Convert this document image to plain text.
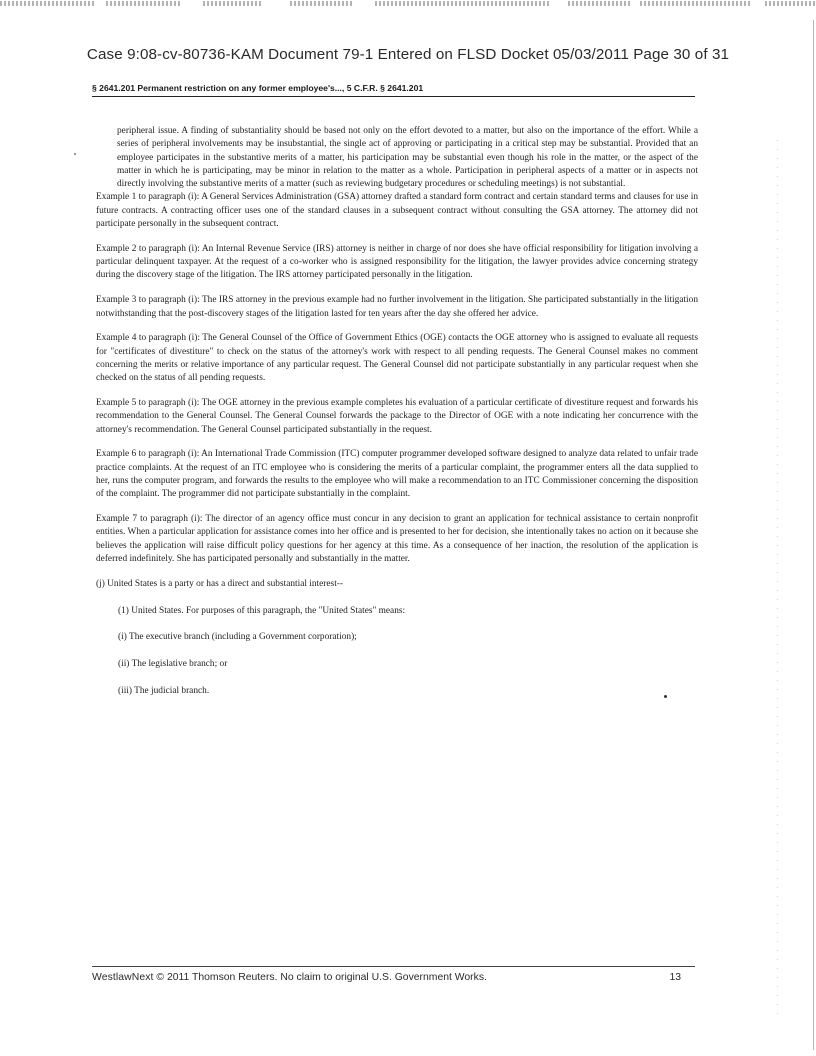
Case 9:08-cv-80736-KAM Document 79-1 Entered on FLSD Docket 05/03/2011 Page 30 of 31
§ 2641.201 Permanent restriction on any former employee's..., 5 C.F.R. § 2641.201

peripheral issue. A finding of substantiality should be based not only on the effort devoted to a matter, but also on the importance of the effort. While a series of peripheral involvements may be insubstantial, the single act of approving or participating in a critical step may be substantial. Provided that an employee participates in the substantive merits of a matter, his participation may be substantial even though his role in the matter, or the aspect of the matter in which he is participating, may be minor in relation to the matter as a whole. Participation in peripheral aspects of a matter or in aspects not directly involving the substantive merits of a matter (such as reviewing budgetary procedures or scheduling meetings) is not substantial.

Example 1 to paragraph (i): A General Services Administration (GSA) attorney drafted a standard form contract and certain standard terms and clauses for use in future contracts. A contracting officer uses one of the standard clauses in a subsequent contract without consulting the GSA attorney. The attorney did not participate personally in the subsequent contract.

Example 2 to paragraph (i): An Internal Revenue Service (IRS) attorney is neither in charge of nor does she have official responsibility for litigation involving a particular delinquent taxpayer. At the request of a co-worker who is assigned responsibility for the litigation, the lawyer provides advice concerning strategy during the discovery stage of the litigation. The IRS attorney participated personally in the litigation.

Example 3 to paragraph (i): The IRS attorney in the previous example had no further involvement in the litigation. She participated substantially in the litigation notwithstanding that the post-discovery stages of the litigation lasted for ten years after the day she offered her advice.

Example 4 to paragraph (i): The General Counsel of the Office of Government Ethics (OGE) contacts the OGE attorney who is assigned to evaluate all requests for "certificates of divestiture" to check on the status of the attorney's work with respect to all pending requests. The General Counsel makes no comment concerning the merits or relative importance of any particular request. The General Counsel did not participate substantially in any particular request when she checked on the status of all pending requests.

Example 5 to paragraph (i): The OGE attorney in the previous example completes his evaluation of a particular certificate of divestiture request and forwards his recommendation to the General Counsel. The General Counsel forwards the package to the Director of OGE with a note indicating her concurrence with the attorney's recommendation. The General Counsel participated substantially in the request.

Example 6 to paragraph (i): An International Trade Commission (ITC) computer programmer developed software designed to analyze data related to unfair trade practice complaints. At the request of an ITC employee who is considering the merits of a particular complaint, the programmer enters all the data supplied to her, runs the computer program, and forwards the results to the employee who will make a recommendation to an ITC Commissioner concerning the disposition of the complaint. The programmer did not participate substantially in the complaint.

Example 7 to paragraph (i): The director of an agency office must concur in any decision to grant an application for technical assistance to certain nonprofit entities. When a particular application for assistance comes into her office and is presented to her for decision, she intentionally takes no action on it because she believes the application will raise difficult policy questions for her agency at this time. As a consequence of her inaction, the resolution of the application is deferred indefinitely. She has participated personally and substantially in the matter.

(j) United States is a party or has a direct and substantial interest--

(1) United States. For purposes of this paragraph, the "United States" means:

(i) The executive branch (including a Government corporation);

(ii) The legislative branch; or

(iii) The judicial branch.

WestlawNext © 2011 Thomson Reuters. No claim to original U.S. Government Works.	13
